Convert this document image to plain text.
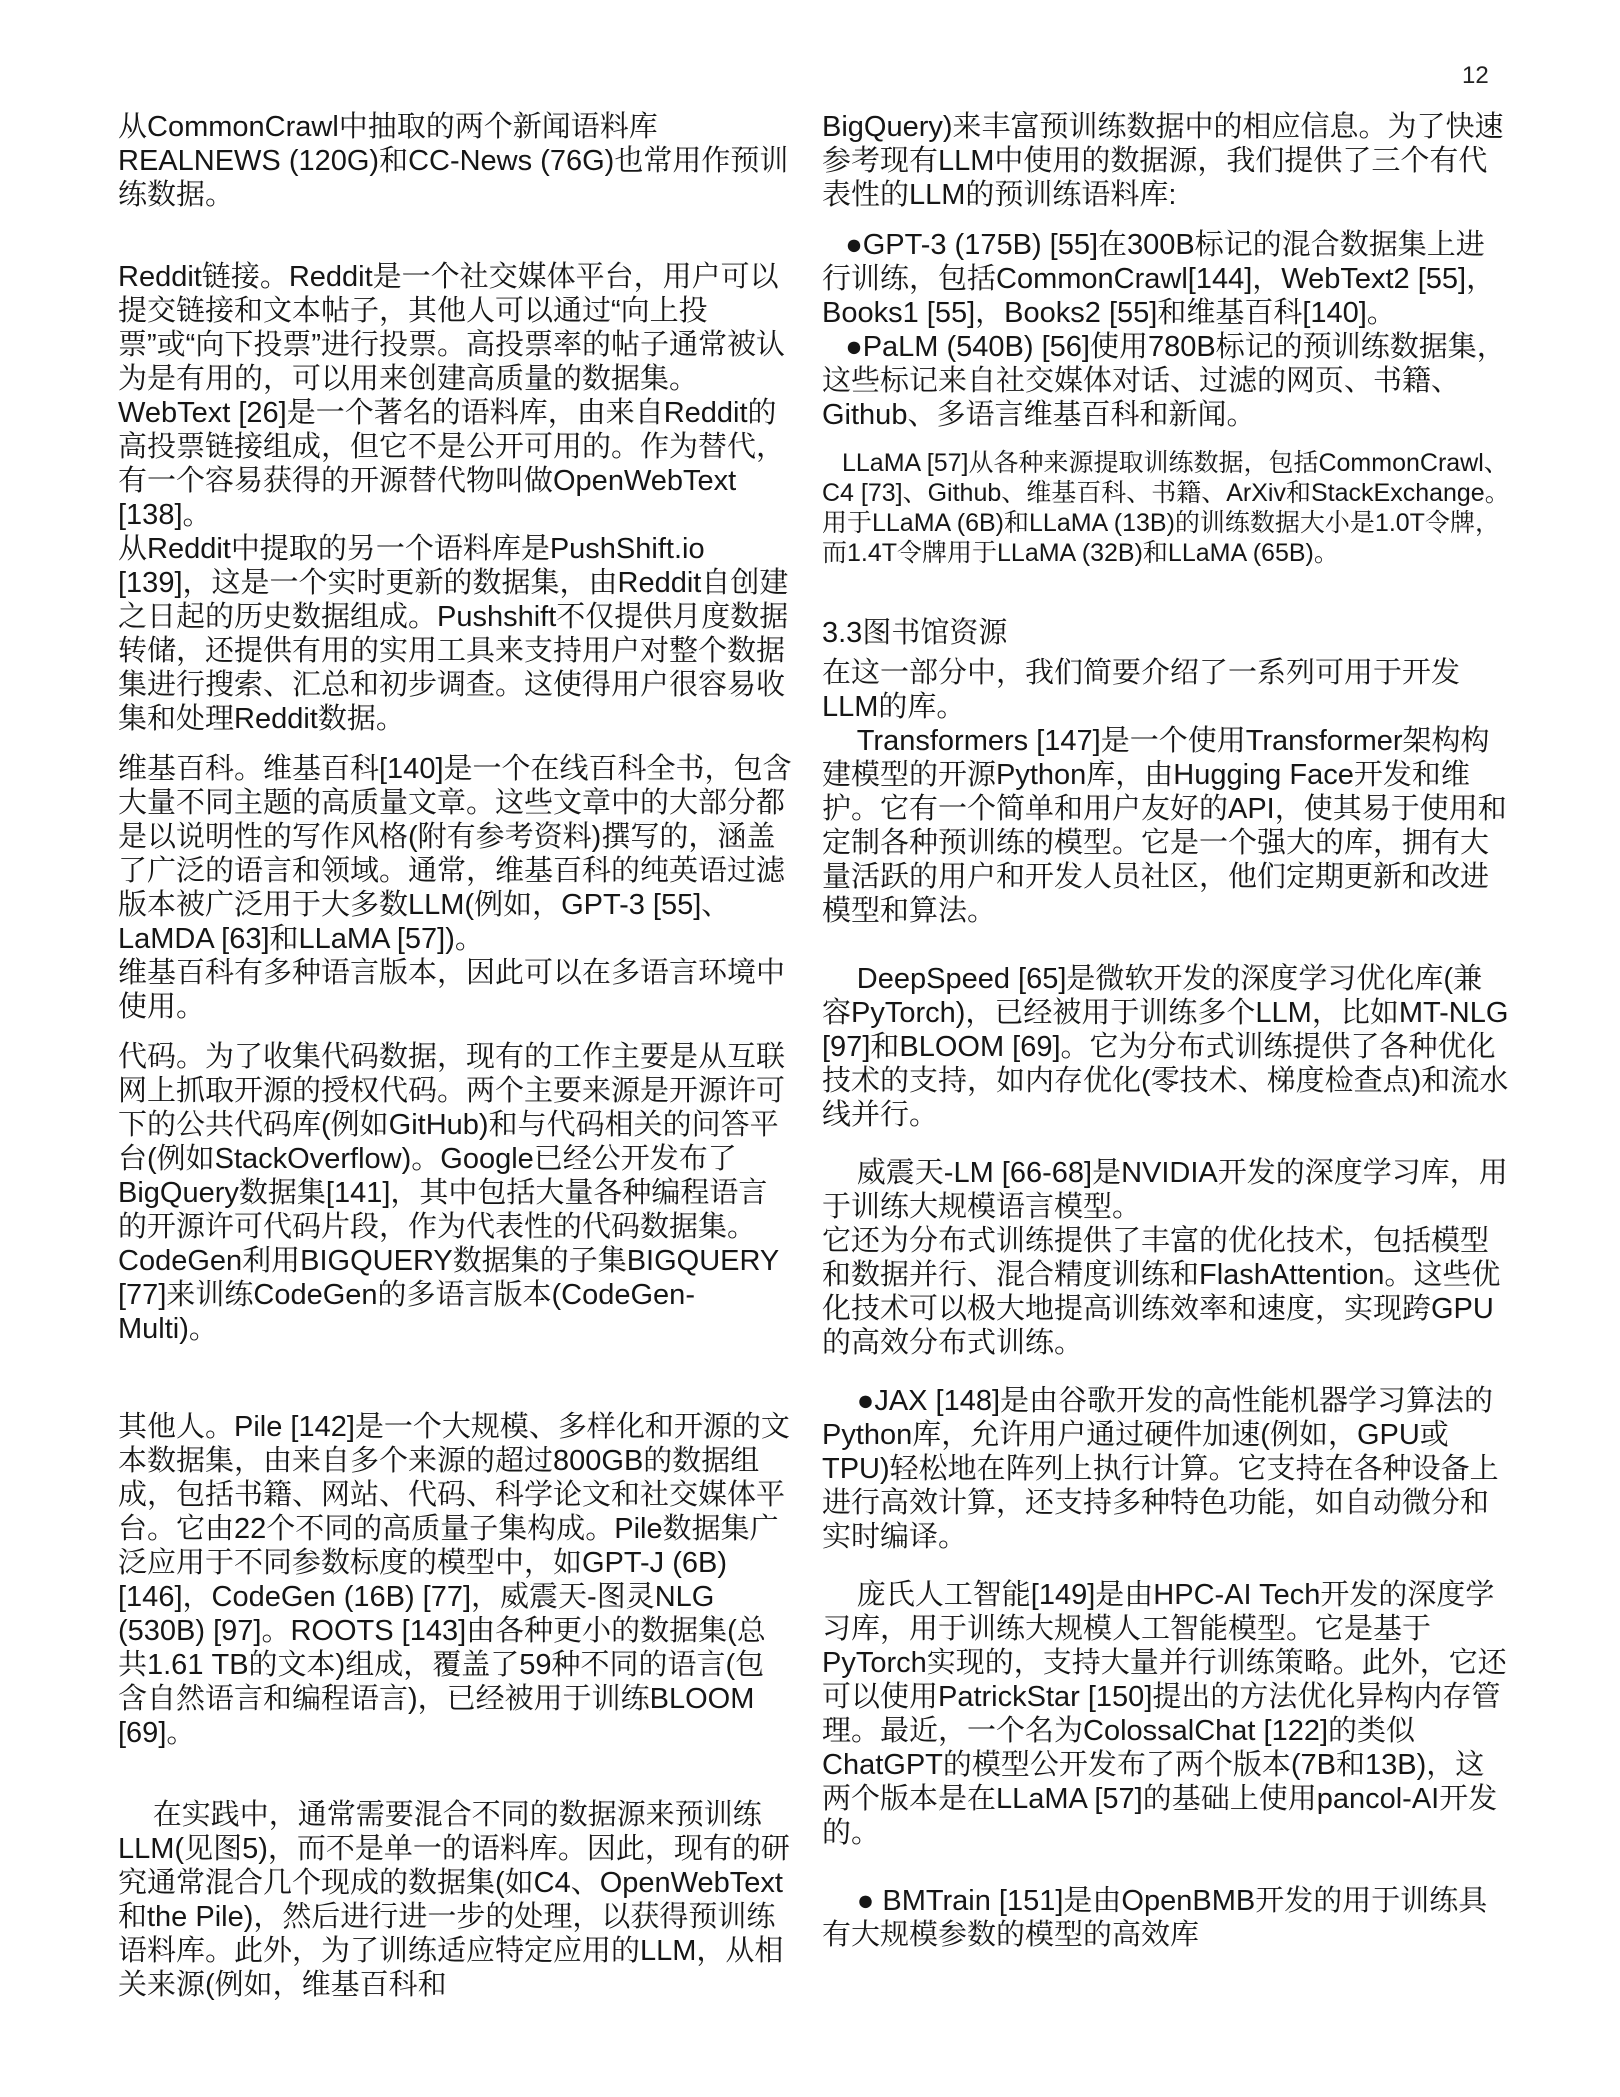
12

从CommonCrawl中抽取的两个新闻语料库REALNEWS (120G)和CC-News (76G)也常用作预训练数据。

Reddit链接。Reddit是一个社交媒体平台，用户可以提交链接和文本帖子，其他人可以通过“向上投票”或“向下投票”进行投票。高投票率的帖子通常被认为是有用的，可以用来创建高质量的数据集。WebText [26]是一个著名的语料库，由来自Reddit的高投票链接组成，但它不是公开可用的。作为替代，有一个容易获得的开源替代物叫做OpenWebText [138]。

从Reddit中提取的另一个语料库是PushShift.io [139]，这是一个实时更新的数据集，由Reddit自创建之日起的历史数据组成。Pushshift不仅提供月度数据转储，还提供有用的实用工具来支持用户对整个数据集进行搜索、汇总和初步调查。这使得用户很容易收集和处理Reddit数据。

维基百科。维基百科[140]是一个在线百科全书，包含大量不同主题的高质量文章。这些文章中的大部分都是以说明性的写作风格(附有参考资料)撰写的，涵盖了广泛的语言和领域。通常，维基百科的纯英语过滤版本被广泛用于大多数LLM(例如，GPT-3 [55]、LaMDA [63]和LLaMA [57])。

维基百科有多种语言版本，因此可以在多语言环境中使用。

代码。为了收集代码数据，现有的工作主要是从互联网上抓取开源的授权代码。两个主要来源是开源许可下的公共代码库(例如GitHub)和与代码相关的问答平台(例如StackOverflow)。Google已经公开发布了BigQuery数据集[141]，其中包括大量各种编程语言的开源许可代码片段，作为代表性的代码数据集。CodeGen利用BIGQUERY数据集的子集BIGQUERY [77]来训练CodeGen的多语言版本(CodeGen-Multi)。

其他人。Pile [142]是一个大规模、多样化和开源的文本数据集，由来自多个来源的超过800GB的数据组成，包括书籍、网站、代码、科学论文和社交媒体平台。它由22个不同的高质量子集构成。Pile数据集广泛应用于不同参数标度的模型中，如GPT-J (6B) [146]，CodeGen (16B) [77]，威震天-图灵NLG (530B) [97]。ROOTS [143]由各种更小的数据集(总共1.61 TB的文本)组成，覆盖了59种不同的语言(包含自然语言和编程语言)，已经被用于训练BLOOM [69]。

在实践中，通常需要混合不同的数据源来预训练LLM(见图5)，而不是单一的语料库。因此，现有的研究通常混合几个现成的数据集(如C4、OpenWebText和the Pile)，然后进行进一步的处理，以获得预训练语料库。此外，为了训练适应特定应用的LLM，从相关来源(例如，维基百科和

BigQuery)来丰富预训练数据中的相应信息。为了快速参考现有LLM中使用的数据源，我们提供了三个有代表性的LLM的预训练语料库:

●GPT-3 (175B) [55]在300B标记的混合数据集上进行训练，包括CommonCrawl[144]，WebText2 [55]，Books1 [55]，Books2 [55]和维基百科[140]。

●PaLM (540B) [56]使用780B标记的预训练数据集，这些标记来自社交媒体对话、过滤的网页、书籍、Github、多语言维基百科和新闻。

LLaMA [57]从各种来源提取训练数据，包括CommonCrawl、C4 [73]、Github、维基百科、书籍、ArXiv和StackExchange。用于LLaMA (6B)和LLaMA (13B)的训练数据大小是1.0T令牌，而1.4T令牌用于LLaMA (32B)和LLaMA (65B)。

3.3图书馆资源

在这一部分中，我们简要介绍了一系列可用于开发LLM的库。

Transformers [147]是一个使用Transformer架构构建模型的开源Python库，由Hugging Face开发和维护。它有一个简单和用户友好的API，使其易于使用和定制各种预训练的模型。它是一个强大的库，拥有大量活跃的用户和开发人员社区，他们定期更新和改进模型和算法。

DeepSpeed [65]是微软开发的深度学习优化库(兼容PyTorch)，已经被用于训练多个LLM，比如MT-NLG [97]和BLOOM [69]。它为分布式训练提供了各种优化技术的支持，如内存优化(零技术、梯度检查点)和流水线并行。

威震天-LM [66-68]是NVIDIA开发的深度学习库，用于训练大规模语言模型。

它还为分布式训练提供了丰富的优化技术，包括模型和数据并行、混合精度训练和FlashAttention。这些优化技术可以极大地提高训练效率和速度，实现跨GPU的高效分布式训练。

●JAX [148]是由谷歌开发的高性能机器学习算法的Python库，允许用户通过硬件加速(例如，GPU或TPU)轻松地在阵列上执行计算。它支持在各种设备上进行高效计算，还支持多种特色功能，如自动微分和实时编译。

庞氏人工智能[149]是由HPC-AI Tech开发的深度学习库，用于训练大规模人工智能模型。它是基于PyTorch实现的，支持大量并行训练策略。此外，它还可以使用PatrickStar [150]提出的方法优化异构内存管理。最近，一个名为ColossalChat [122]的类似ChatGPT的模型公开发布了两个版本(7B和13B)，这两个版本是在LLaMA [57]的基础上使用pancol-AI开发的。

● BMTrain [151]是由OpenBMB开发的用于训练具有大规模参数的模型的高效库
